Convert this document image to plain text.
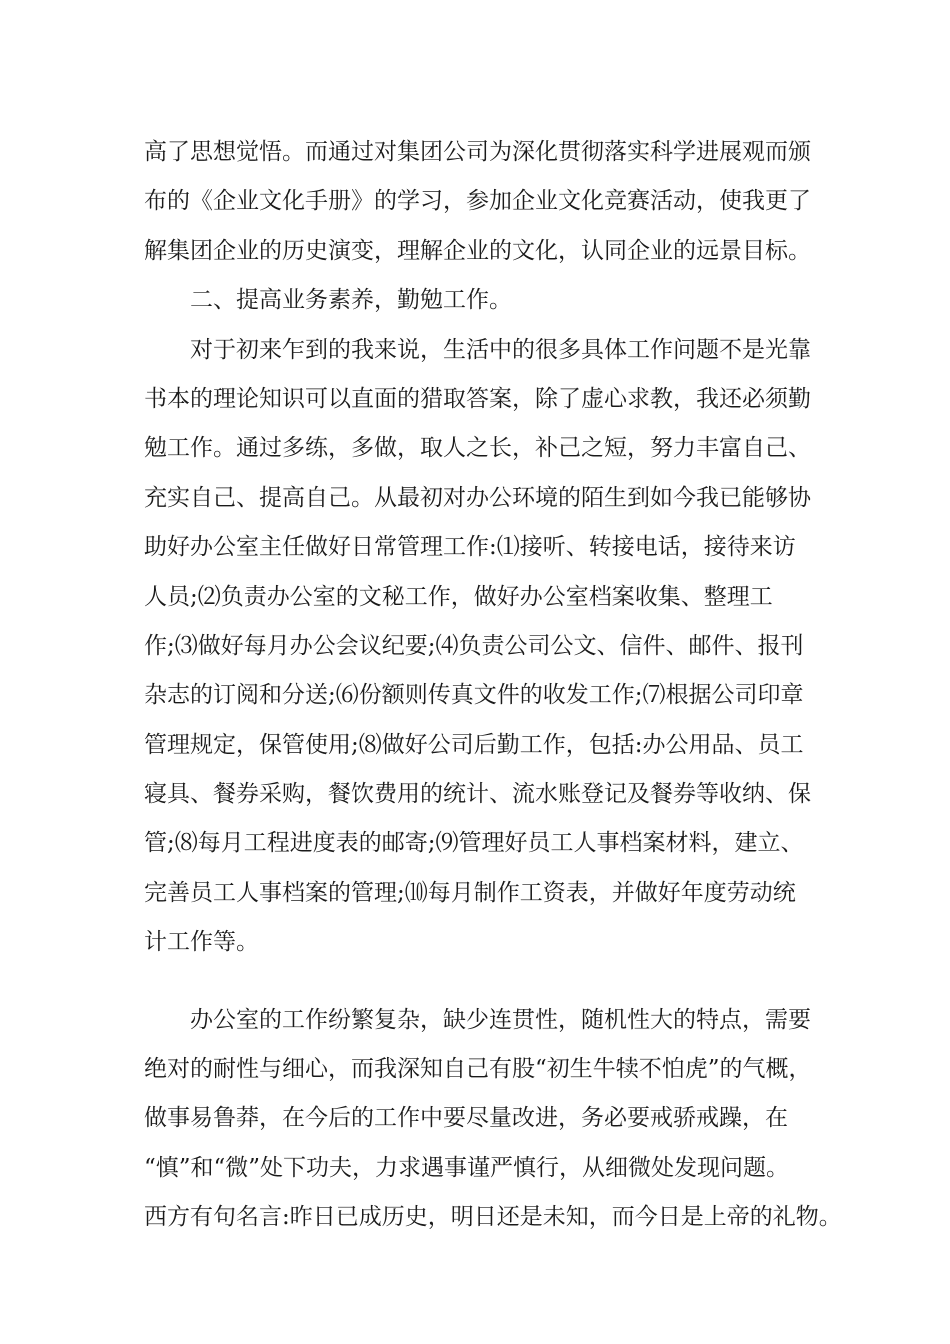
高了思想觉悟。而通过对集团公司为深化贯彻落实科学进展观而颁
布的《企业文化手册》的学习，参加企业文化竞赛活动，使我更了
解集团企业的历史演变，理解企业的文化，认同企业的远景目标。
二、提高业务素养，勤勉工作。
对于初来乍到的我来说，生活中的很多具体工作问题不是光靠
书本的理论知识可以直面的猎取答案，除了虚心求教，我还必须勤
勉工作。通过多练，多做，取人之长，补己之短，努力丰富自己、
充实自己、提高自己。从最初对办公环境的陌生到如今我已能够协
助好办公室主任做好日常管理工作:⑴接听、转接电话，接待来访
人员;⑵负责办公室的文秘工作，做好办公室档案收集、整理工
作;⑶做好每月办公会议纪要;⑷负责公司公文、信件、邮件、报刊
杂志的订阅和分送;⑹份额则传真文件的收发工作;⑺根据公司印章
管理规定，保管使用;⑻做好公司后勤工作，包括:办公用品、员工
寝具、餐券采购，餐饮费用的统计、流水账登记及餐券等收纳、保
管;⑻每月工程进度表的邮寄;⑼管理好员工人事档案材料，建立、
完善员工人事档案的管理;⑽每月制作工资表，并做好年度劳动统
计工作等。
办公室的工作纷繁复杂，缺少连贯性，随机性大的特点，需要
绝对的耐性与细心，而我深知自己有股“初生牛犊不怕虎”的气概，
做事易鲁莽，在今后的工作中要尽量改进，务必要戒骄戒躁，在
“慎”和“微”处下功夫，力求遇事谨严慎行，从细微处发现问题。
西方有句名言:昨日已成历史，明日还是未知，而今日是上帝的礼物。
